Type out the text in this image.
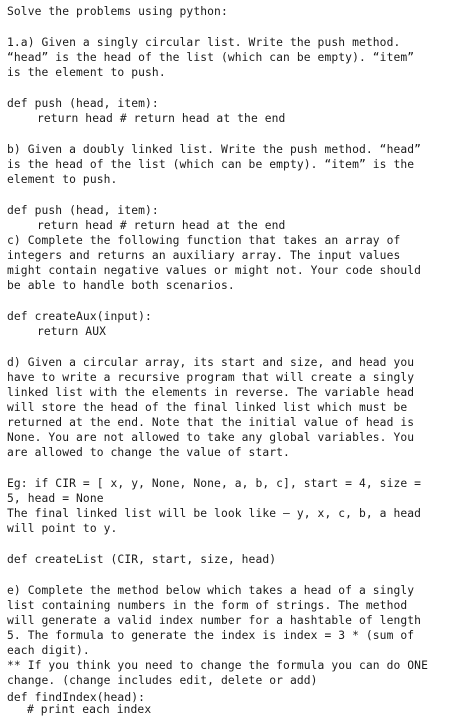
Solve the problems using python:
1.a) Given a singly circular list. Write the push method.
“head” is the head of the list (which can be empty). “item”
is the element to push.
def push (head, item):
return head # return head at the end
b) Given a doubly linked list. Write the push method. “head”
is the head of the list (which can be empty). “item” is the
element to push.
def push (head, item):
return head # return head at the end
c) Complete the following function that takes an array of
integers and returns an auxiliary array. The input values
might contain negative values or might not. Your code should
be able to handle both scenarios.
def createAux(input):
return AUX
d) Given a circular array, its start and size, and head you
have to write a recursive program that will create a singly
linked list with the elements in reverse. The variable head
will store the head of the final linked list which must be
returned at the end. Note that the initial value of head is
None. You are not allowed to take any global variables. You
are allowed to change the value of start.
Eg: if CIR = [ x, y, None, None, a, b, c], start = 4, size =
5, head = None
The final linked list will be look like – y, x, c, b, a head
will point to y.
def createList (CIR, start, size, head)
e) Complete the method below which takes a head of a singly
list containing numbers in the form of strings. The method
will generate a valid index number for a hashtable of length
5. The formula to generate the index is index = 3 * (sum of
each digit).
** If you think you need to change the formula you can do ONE
change. (change includes edit, delete or add)
def findIndex(head):
# print each index
